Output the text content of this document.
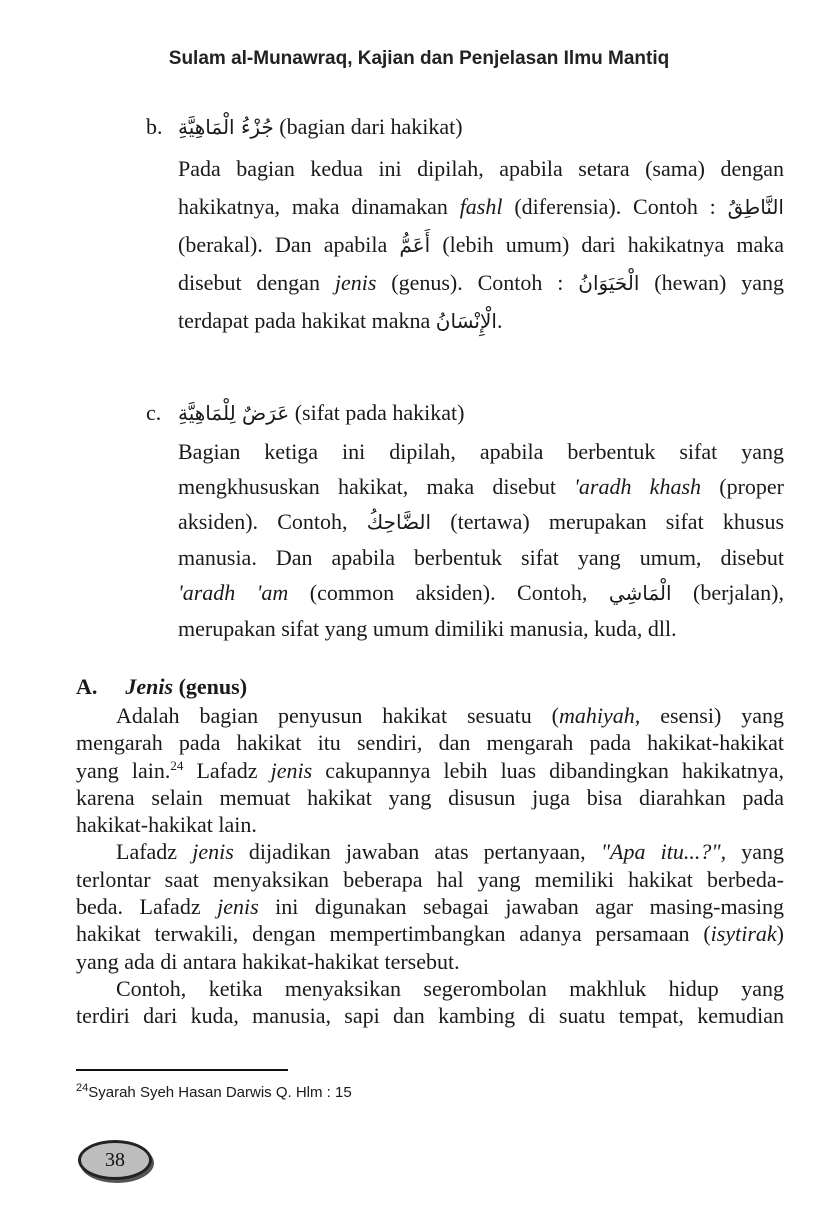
Sulam al-Munawraq, Kajian dan Penjelasan Ilmu Mantiq
b. جُزْءُ الْمَاهِيَّةِ (bagian dari hakikat)
Pada bagian kedua ini dipilah, apabila setara (sama) dengan
hakikatnya, maka dinamakan fashl (diferensia). Contoh : النَّاطِقُ
(berakal). Dan apabila أَعَمُّ (lebih umum) dari hakikatnya maka
disebut dengan jenis (genus). Contoh : الْحَيَوَانُ (hewan) yang
terdapat pada hakikat makna الْإِنْسَانُ.
c. عَرَضٌ لِلْمَاهِيَّةِ (sifat pada hakikat)
Bagian ketiga ini dipilah, apabila berbentuk sifat yang
mengkhususkan hakikat, maka disebut 'aradh khash (proper
aksiden). Contoh, الضَّاحِكُ (tertawa) merupakan sifat khusus
manusia. Dan apabila berbentuk sifat yang umum, disebut
'aradh 'am (common aksiden). Contoh, الْمَاشِي (berjalan),
merupakan sifat yang umum dimiliki manusia, kuda, dll.
A. Jenis (genus)
Adalah bagian penyusun hakikat sesuatu (mahiyah, esensi) yang
mengarah pada hakikat itu sendiri, dan mengarah pada hakikat-hakikat
yang lain.$^{24}$ Lafadz jenis cakupannya lebih luas dibandingkan hakikatnya,
karena selain memuat hakikat yang disusun juga bisa diarahkan pada
hakikat-hakikat lain.
Lafadz jenis dijadikan jawaban atas pertanyaan, "Apa itu...?", yang
terlontar saat menyaksikan beberapa hal yang memiliki hakikat berbeda-
beda. Lafadz jenis ini digunakan sebagai jawaban agar masing-masing
hakikat terwakili, dengan mempertimbangkan adanya persamaan (isytirak)
yang ada di antara hakikat-hakikat tersebut.
Contoh, ketika menyaksikan segerombolan makhluk hidup yang
terdiri dari kuda, manusia, sapi dan kambing di suatu tempat, kemudian
$^{24}$Syarah Syeh Hasan Darwis Q. Hlm : 15
38
